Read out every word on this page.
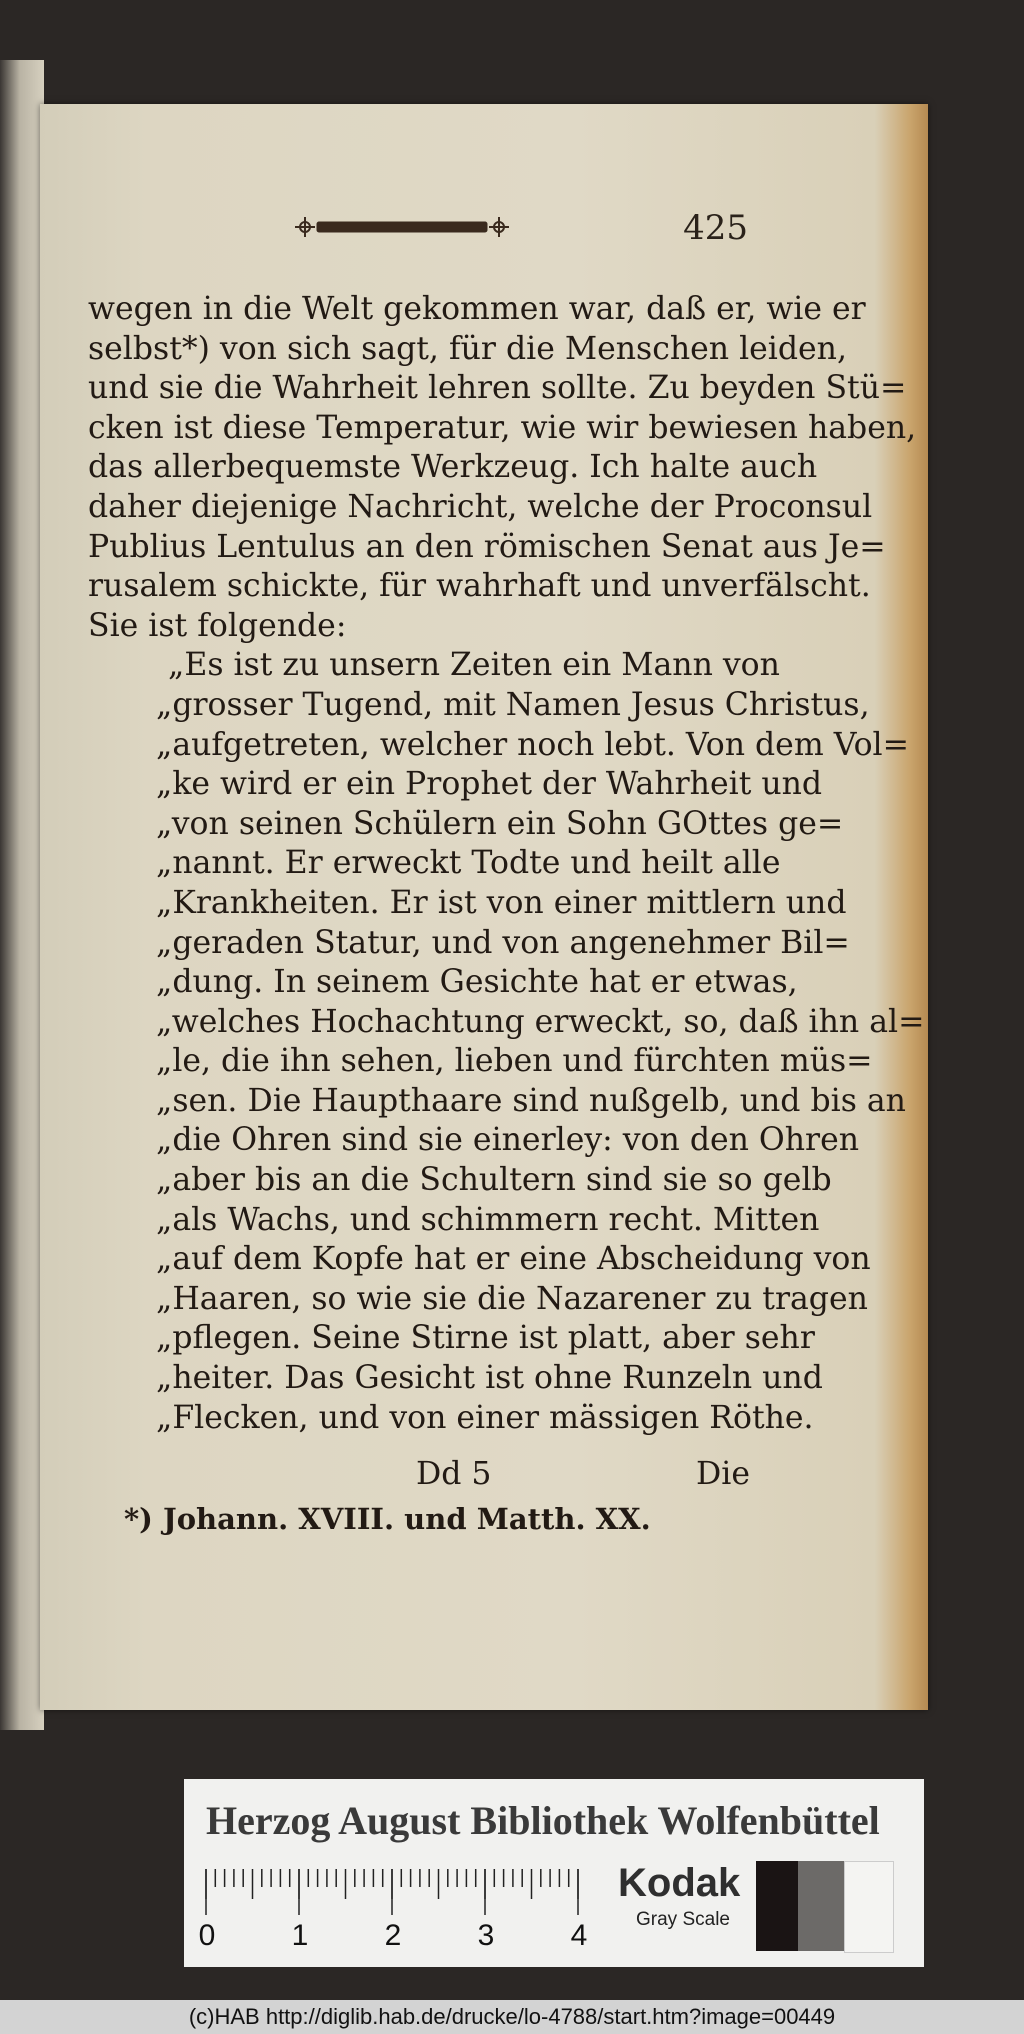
425
wegen in die Welt gekommen war, daß er, wie er
selbst*) von sich sagt, für die Menschen leiden,
und sie die Wahrheit lehren sollte. Zu beyden Stü=
cken ist diese Temperatur, wie wir bewiesen haben,
das allerbequemste Werkzeug. Ich halte auch
daher diejenige Nachricht, welche der Proconsul
Publius Lentulus an den römischen Senat aus Je=
rusalem schickte, für wahrhaft und unverfälscht.
Sie ist folgende:
„Es ist zu unsern Zeiten ein Mann von
„grosser Tugend, mit Namen Jesus Christus,
„aufgetreten, welcher noch lebt. Von dem Vol=
„ke wird er ein Prophet der Wahrheit und
„von seinen Schülern ein Sohn GOttes ge=
„nannt. Er erweckt Todte und heilt alle
„Krankheiten. Er ist von einer mittlern und
„geraden Statur, und von angenehmer Bil=
„dung. In seinem Gesichte hat er etwas,
„welches Hochachtung erweckt, so, daß ihn al=
„le, die ihn sehen, lieben und fürchten müs=
„sen. Die Haupthaare sind nußgelb, und bis an
„die Ohren sind sie einerley: von den Ohren
„aber bis an die Schultern sind sie so gelb
„als Wachs, und schimmern recht. Mitten
„auf dem Kopfe hat er eine Abscheidung von
„Haaren, so wie sie die Nazarener zu tragen
„pflegen. Seine Stirne ist platt, aber sehr
„heiter. Das Gesicht ist ohne Runzeln und
„Flecken, und von einer mässigen Röthe.
Dd 5	Die
*) Johann. XVIII. und Matth. XX.
Herzog August Bibliothek Wolfenbüttel
0	1	2	3	4
Kodak
Gray Scale
(c)HAB http://diglib.hab.de/drucke/lo-4788/start.htm?image=00449
